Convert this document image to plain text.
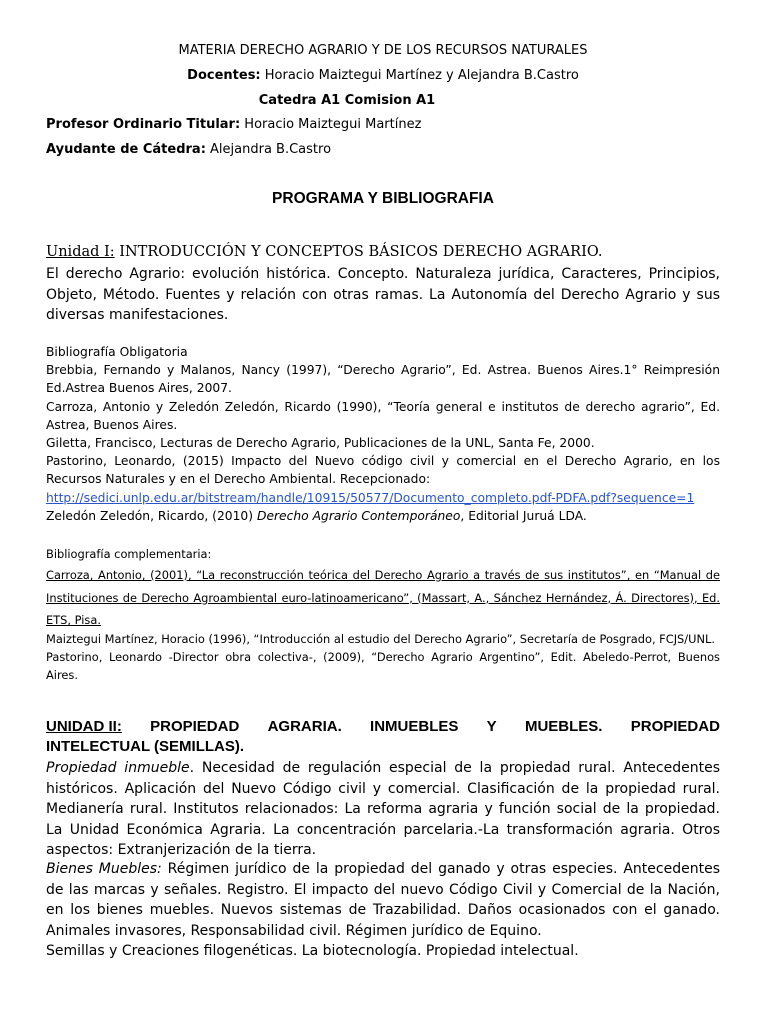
MATERIA DERECHO AGRARIO Y DE LOS RECURSOS NATURALES
Docentes: Horacio Maiztegui Martínez y Alejandra B.Castro
Catedra A1 Comision A1
Profesor Ordinario Titular: Horacio Maiztegui Martínez
Ayudante de Cátedra: Alejandra B.Castro
PROGRAMA Y BIBLIOGRAFIA
Unidad I: INTRODUCCIÓN Y CONCEPTOS BÁSICOS DERECHO AGRARIO.
El derecho Agrario: evolución histórica. Concepto. Naturaleza jurídica, Caracteres, Principios, Objeto, Método. Fuentes y relación con otras ramas. La Autonomía del Derecho Agrario y sus diversas manifestaciones.
Bibliografía Obligatoria
Brebbia, Fernando y Malanos, Nancy (1997), “Derecho Agrario”, Ed. Astrea. Buenos Aires.1° Reimpresión Ed.Astrea Buenos Aires, 2007.
Carroza, Antonio y Zeledón Zeledón, Ricardo (1990), “Teoría general e institutos de derecho agrario”, Ed. Astrea, Buenos Aires.
Giletta, Francisco, Lecturas de Derecho Agrario, Publicaciones de la UNL, Santa Fe, 2000.
Pastorino, Leonardo, (2015) Impacto del Nuevo código civil y comercial en el Derecho Agrario, en los Recursos Naturales y en el Derecho Ambiental. Recepcionado:
http://sedici.unlp.edu.ar/bitstream/handle/10915/50577/Documento_completo.pdf-PDFA.pdf?sequence=1
Zeledón Zeledón, Ricardo, (2010) Derecho Agrario Contemporáneo, Editorial Juruá LDA.
Bibliografía complementaria:
Carroza, Antonio, (2001), “La reconstrucción teórica del Derecho Agrario a través de sus institutos”, en “Manual de Instituciones de Derecho Agroambiental euro-latinoamericano”, (Massart, A., Sánchez Hernández, Á. Directores), Ed. ETS, Pisa.
Maiztegui Martínez, Horacio (1996), “Introducción al estudio del Derecho Agrario”, Secretaría de Posgrado, FCJS/UNL.
Pastorino, Leonardo -Director obra colectiva-, (2009), “Derecho Agrario Argentino”, Edit. Abeledo-Perrot, Buenos Aires.
UNIDAD II: PROPIEDAD AGRARIA. INMUEBLES Y MUEBLES. PROPIEDAD
INTELECTUAL (SEMILLAS).
Propiedad inmueble. Necesidad de regulación especial de la propiedad rural. Antecedentes históricos. Aplicación del Nuevo Código civil y comercial. Clasificación de la propiedad rural. Medianería rural. Institutos relacionados: La reforma agraria y función social de la propiedad. La Unidad Económica Agraria. La concentración parcelaria.-La transformación agraria. Otros aspectos: Extranjerización de la tierra.
Bienes Muebles: Régimen jurídico de la propiedad del ganado y otras especies. Antecedentes de las marcas y señales. Registro. El impacto del nuevo Código Civil y Comercial de la Nación, en los bienes muebles. Nuevos sistemas de Trazabilidad. Daños ocasionados con el ganado. Animales invasores, Responsabilidad civil. Régimen jurídico de Equino.
Semillas y Creaciones filogenéticas. La biotecnología. Propiedad intelectual.
